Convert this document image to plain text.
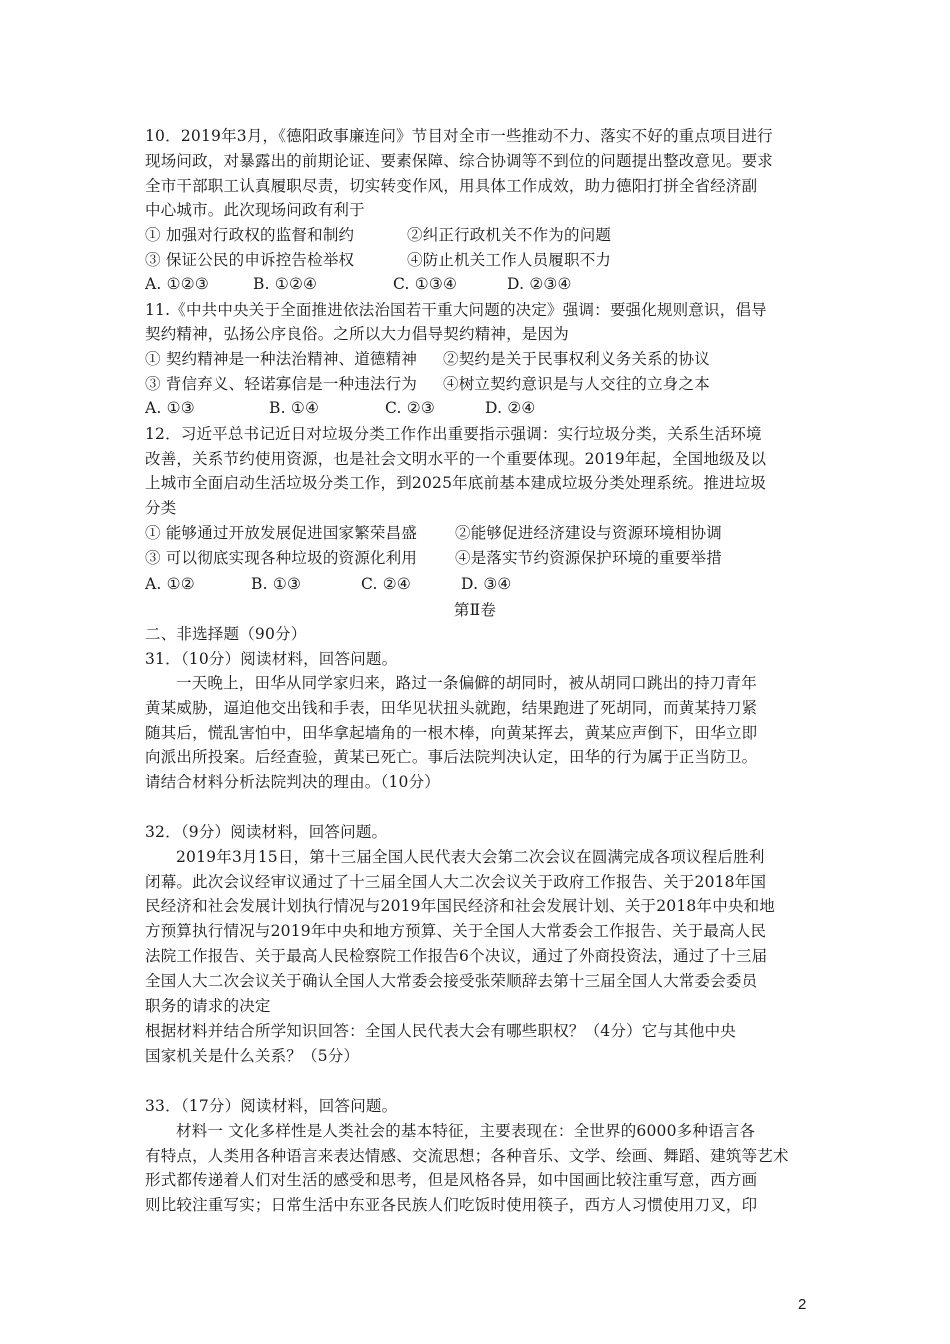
10．2019年3月，《德阳政事廉连问》节目对全市一些推动不力、落实不好的重点项目进行
现场问政，对暴露出的前期论证、要素保障、综合协调等不到位的问题提出整改意见。要求
全市干部职工认真履职尽责，切实转变作风，用具体工作成效，助力德阳打拼全省经济副
中心城市。此次现场问政有利于
① 加强对行政权的监督和制约	②纠正行政机关不作为的问题
③ 保证公民的申诉控告检举权	④防止机关工作人员履职不力
A. ①②③	B. ①②④	C. ①③④	D. ②③④
11.《中共中央关于全面推进依法治国若干重大问题的决定》强调：要强化规则意识，倡导
契约精神，弘扬公序良俗。之所以大力倡导契约精神，是因为
① 契约精神是一种法治精神、道德精神 ②契约是关于民事权利义务关系的协议
③ 背信弃义、轻诺寡信是一种违法行为 ④树立契约意识是与人交往的立身之本
A. ①③	B. ①④	C. ②③	D. ②④
12．习近平总书记近日对垃圾分类工作作出重要指示强调：实行垃圾分类，关系生活环境
改善，关系节约使用资源，也是社会文明水平的一个重要体现。2019年起，全国地级及以
上城市全面启动生活垃圾分类工作，到2025年底前基本建成垃圾分类处理系统。推进垃圾
分类
① 能够通过开放发展促进国家繁荣昌盛 ②能够促进经济建设与资源环境相协调
③ 可以彻底实现各种垃圾的资源化利用 ④是落实节约资源保护环境的重要举措
A. ①②	B. ①③	C. ②④	D. ③④
第Ⅱ卷
二、非选择题（90分）
31．（10分）阅读材料，回答问题。
一天晚上，田华从同学家归来，路过一条偏僻的胡同时，被从胡同口跳出的持刀青年
黄某威胁，逼迫他交出钱和手表，田华见状扭头就跑，结果跑进了死胡同，而黄某持刀紧
随其后，慌乱害怕中，田华拿起墙角的一根木棒，向黄某挥去，黄某应声倒下，田华立即
向派出所投案。后经查验，黄某已死亡。事后法院判决认定，田华的行为属于正当防卫。
请结合材料分析法院判决的理由。（10分）
32．（9分）阅读材料，回答问题。
2019年3月15日，第十三届全国人民代表大会第二次会议在圆满完成各项议程后胜利
闭幕。此次会议经审议通过了十三届全国人大二次会议关于政府工作报告、关于2018年国
民经济和社会发展计划执行情况与2019年国民经济和社会发展计划、关于2018年中央和地
方预算执行情况与2019年中央和地方预算、关于全国人大常委会工作报告、关于最高人民
法院工作报告、关于最高人民检察院工作报告6个决议，通过了外商投资法，通过了十三届
全国人大二次会议关于确认全国人大常委会接受张荣顺辞去第十三届全国人大常委会委员
职务的请求的决定
根据材料并结合所学知识回答：全国人民代表大会有哪些职权？（4分）它与其他中央
国家机关是什么关系？（5分）
33．（17分）阅读材料，回答问题。
材料一 文化多样性是人类社会的基本特征，主要表现在：全世界的6000多种语言各
有特点，人类用各种语言来表达情感、交流思想；各种音乐、文学、绘画、舞蹈、建筑等艺术
形式都传递着人们对生活的感受和思考，但是风格各异，如中国画比较注重写意，西方画
则比较注重写实；日常生活中东亚各民族人们吃饭时使用筷子，西方人习惯使用刀叉，印
2
